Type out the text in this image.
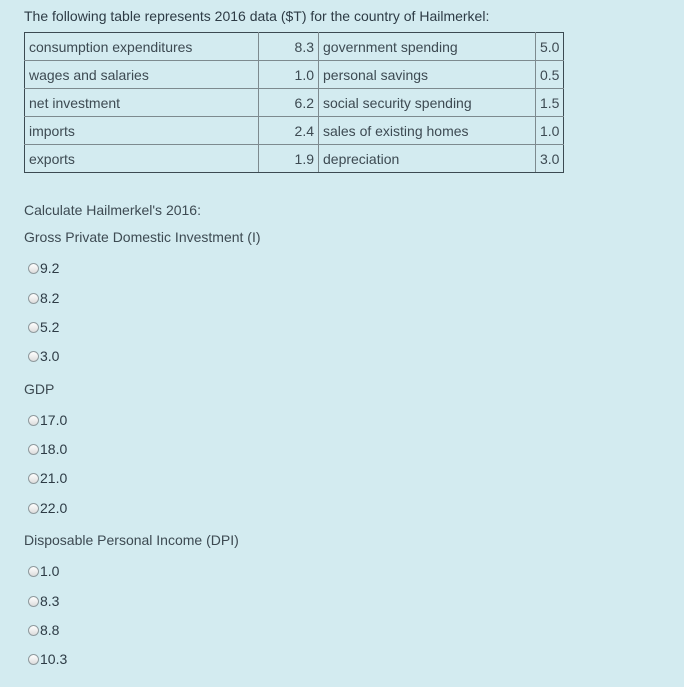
The following table represents 2016 data ($T) for the country of Hailmerkel:
consumption expenditures	8.3	government spending	5.0
wages and salaries	1.0	personal savings	0.5
net investment	6.2	social security spending	1.5
imports	2.4	sales of existing homes	1.0
exports	1.9	depreciation	3.0
Calculate Hailmerkel's 2016:
Gross Private Domestic Investment (I)
9.2
8.2
5.2
3.0
GDP
17.0
18.0
21.0
22.0
Disposable Personal Income (DPI)
1.0
8.3
8.8
10.3
